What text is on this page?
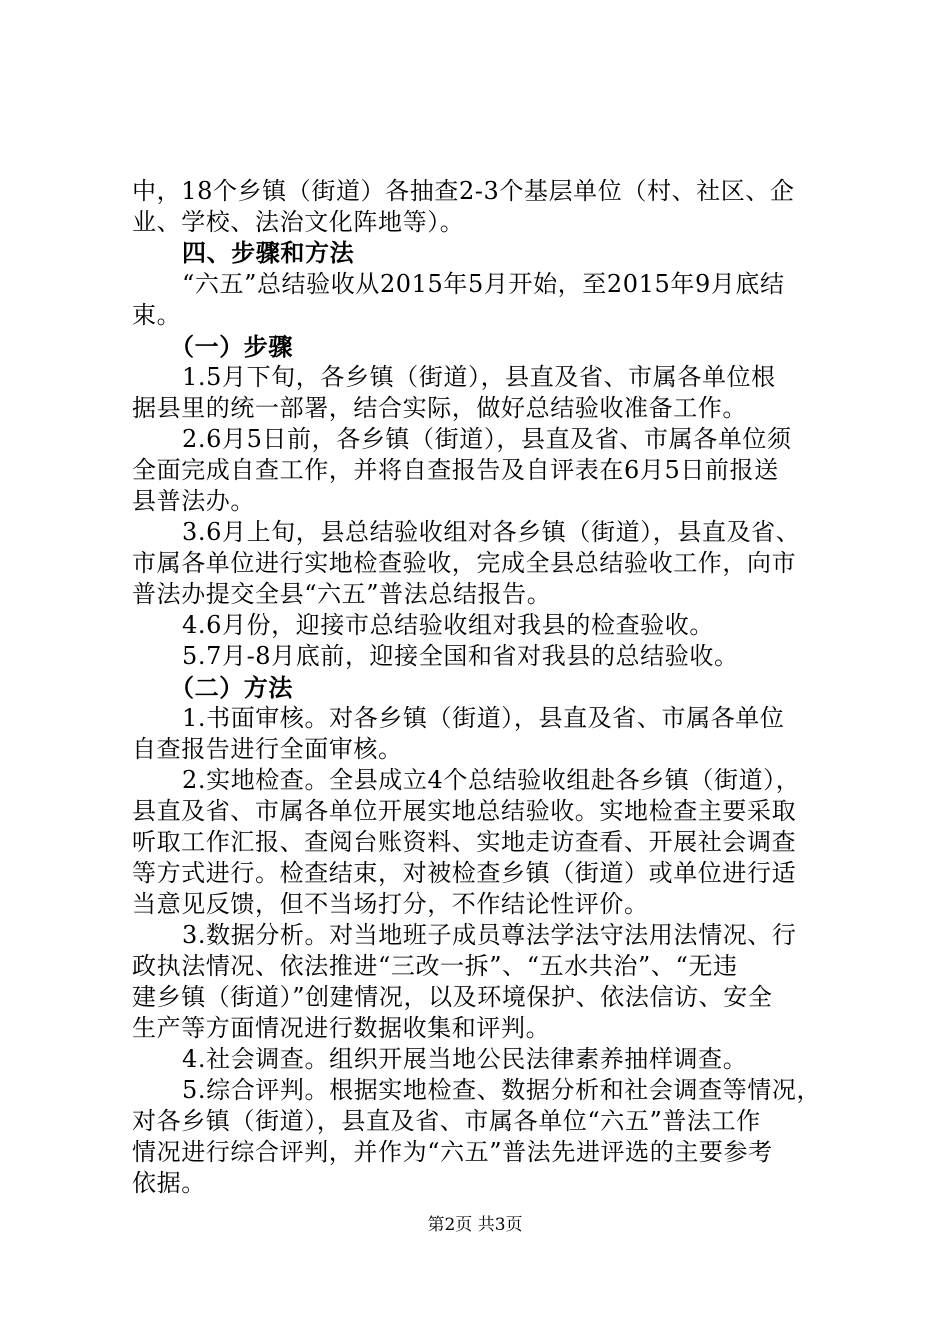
中，18个乡镇（街道）各抽查2-3个基层单位（村、社区、企
业、学校、法治文化阵地等）。
四、步骤和方法
“六五”总结验收从2015年5月开始，至2015年9月底结
束。
（一）步骤
1.5月下旬，各乡镇（街道），县直及省、市属各单位根
据县里的统一部署，结合实际，做好总结验收准备工作。
2.6月5日前，各乡镇（街道），县直及省、市属各单位须
全面完成自查工作，并将自查报告及自评表在6月5日前报送
县普法办。
3.6月上旬，县总结验收组对各乡镇（街道），县直及省、
市属各单位进行实地检查验收，完成全县总结验收工作，向市
普法办提交全县“六五”普法总结报告。
4.6月份，迎接市总结验收组对我县的检查验收。
5.7月-8月底前，迎接全国和省对我县的总结验收。
（二）方法
1.书面审核。对各乡镇（街道），县直及省、市属各单位
自查报告进行全面审核。
2.实地检查。全县成立4个总结验收组赴各乡镇（街道），
县直及省、市属各单位开展实地总结验收。实地检查主要采取
听取工作汇报、查阅台账资料、实地走访查看、开展社会调查
等方式进行。检查结束，对被检查乡镇（街道）或单位进行适
当意见反馈，但不当场打分，不作结论性评价。
3.数据分析。对当地班子成员尊法学法守法用法情况、行
政执法情况、依法推进“三改一拆”、“五水共治”、“无违
建乡镇（街道）”创建情况，以及环境保护、依法信访、安全
生产等方面情况进行数据收集和评判。
4.社会调查。组织开展当地公民法律素养抽样调查。
5.综合评判。根据实地检查、数据分析和社会调查等情况，
对各乡镇（街道），县直及省、市属各单位“六五”普法工作
情况进行综合评判，并作为“六五”普法先进评选的主要参考
依据。
第2页 共3页
